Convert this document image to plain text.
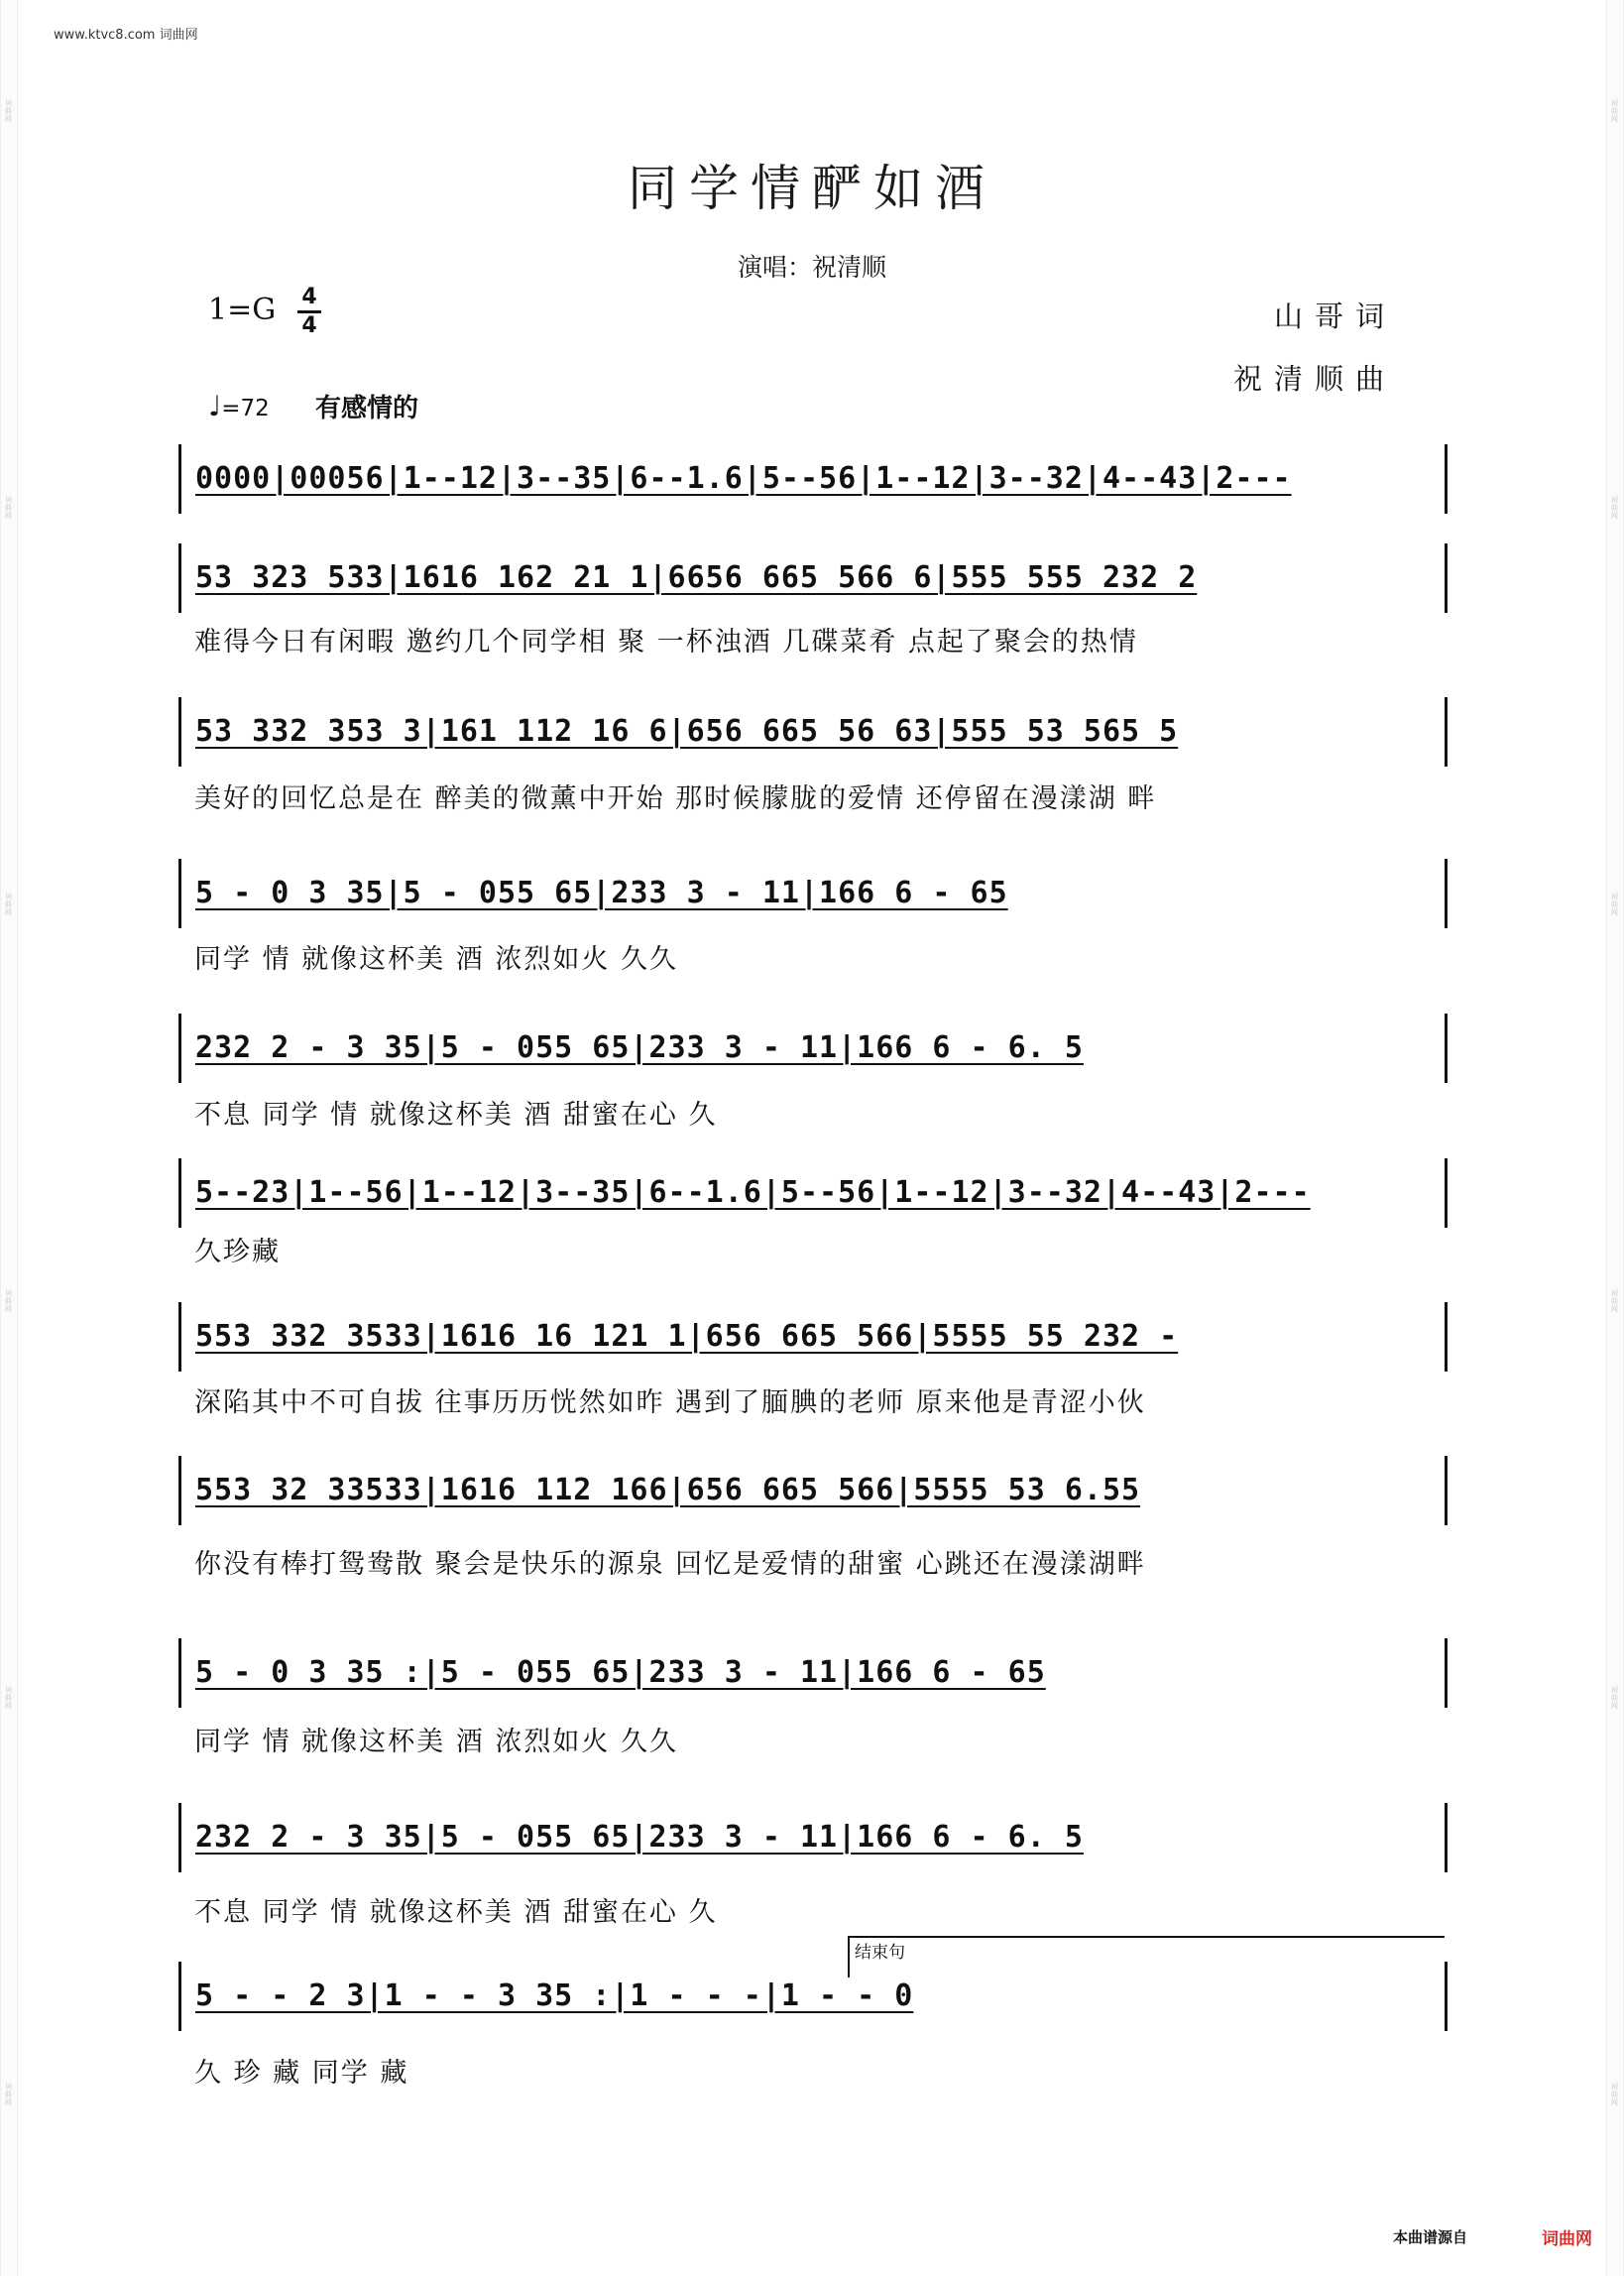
词曲网
词曲网
词曲网
词曲网
词曲网
词曲网
词曲网
词曲网
词曲网
词曲网
词曲网
词曲网
www.ktvc8.com 词曲网
同学情酽如酒
演唱：祝清顺
1=G 4
4	山哥词
祝清顺曲
♩=72 有感情的
0000|00056|1--12|3--35|6--1.6|5--56|1--12|3--32|4--43|2---
53 323 533|1616 162 21 1|6656 665 566 6|555 555 232 2
难得今日有闲暇 邀约几个同学相 聚 一杯浊酒 几碟菜肴 点起了聚会的热情
53 332 353 3|161 112 16 6|656 665 56 63|555 53 565 5
美好的回忆总是在 醉美的微薰中开始 那时候朦胧的爱情 还停留在漫漾湖 畔
5 - 0 3 35|5 - 055 65|233 3 - 11|166 6 - 65
同学 情 就像这杯美 酒 浓烈如火 久久
232 2 - 3 35|5 - 055 65|233 3 - 11|166 6 - 6. 5
不息 同学 情 就像这杯美 酒 甜蜜在心 久
5--23|1--56|1--12|3--35|6--1.6|5--56|1--12|3--32|4--43|2---
久珍藏
553 332 3533|1616 16 121 1|656 665 566|5555 55 232 -
深陷其中不可自拔 往事历历恍然如昨 遇到了腼腆的老师 原来他是青涩小伙
553 32 33533|1616 112 166|656 665 566|5555 53 6.55
你没有棒打鸳鸯散 聚会是快乐的源泉 回忆是爱情的甜蜜 心跳还在漫漾湖畔
5 - 0 3 35 :|5 - 055 65|233 3 - 11|166 6 - 65
同学 情 就像这杯美 酒 浓烈如火 久久
232 2 - 3 35|5 - 055 65|233 3 - 11|166 6 - 6. 5
不息 同学 情 就像这杯美 酒 甜蜜在心 久
结束句
5 - - 2 3|1 - - 3 35 :|1 - - -|1 - - 0
久 珍 藏 同学 藏
本曲谱源自	词曲网
